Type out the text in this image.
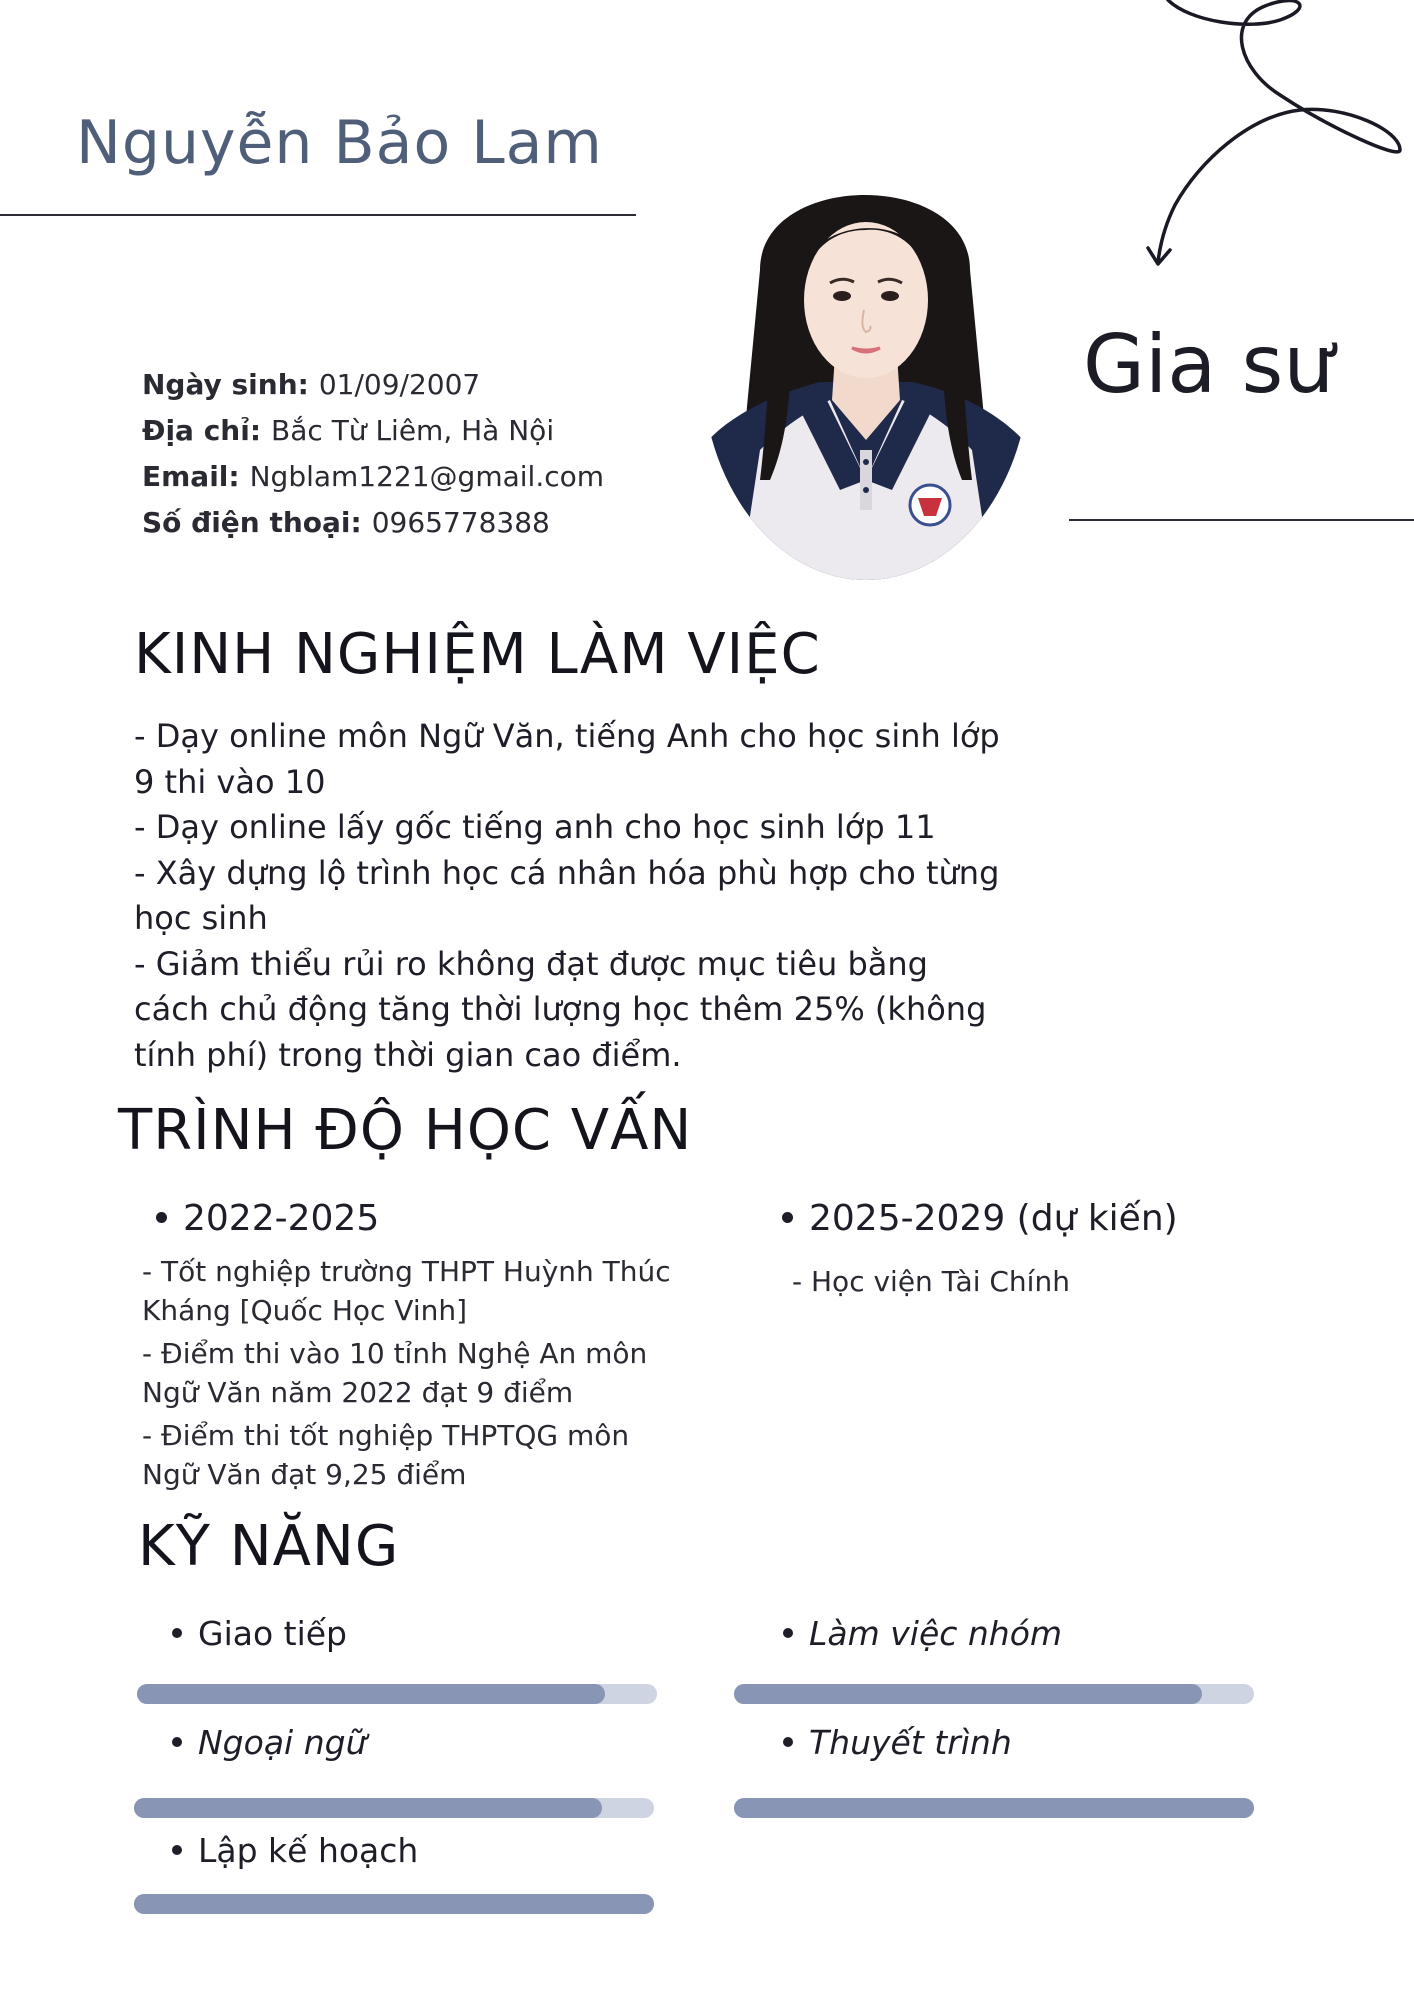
Nguyễn Bảo Lam
Gia sư
Ngày sinh: 01/09/2007
Địa chỉ: Bắc Từ Liêm, Hà Nội
Email: Ngblam1221@gmail.com
Số điện thoại: 0965778388
KINH NGHIỆM LÀM VIỆC

- Dạy online môn Ngữ Văn, tiếng Anh cho học sinh lớp 9 thi vào 10

- Dạy online lấy gốc tiếng anh cho học sinh lớp 11

- Xây dựng lộ trình học cá nhân hóa phù hợp cho từng học sinh

- Giảm thiểu rủi ro không đạt được mục tiêu bằng cách chủ động tăng thời lượng học thêm 25% (không tính phí) trong thời gian cao điểm.

TRÌNH ĐỘ HỌC VẤN
2022-2025

- Tốt nghiệp trường THPT Huỳnh Thúc Kháng [Quốc Học Vinh]

- Điểm thi vào 10 tỉnh Nghệ An môn Ngữ Văn năm 2022 đạt 9 điểm

- Điểm thi tốt nghiệp THPTQG môn Ngữ Văn đạt 9,25 điểm

2025-2029 (dự kiến)

- Học viện Tài Chính

KỸ NĂNG
Giao tiếp	Làm việc nhóm
Ngoại ngữ	Thuyết trình
Lập kế hoạch
